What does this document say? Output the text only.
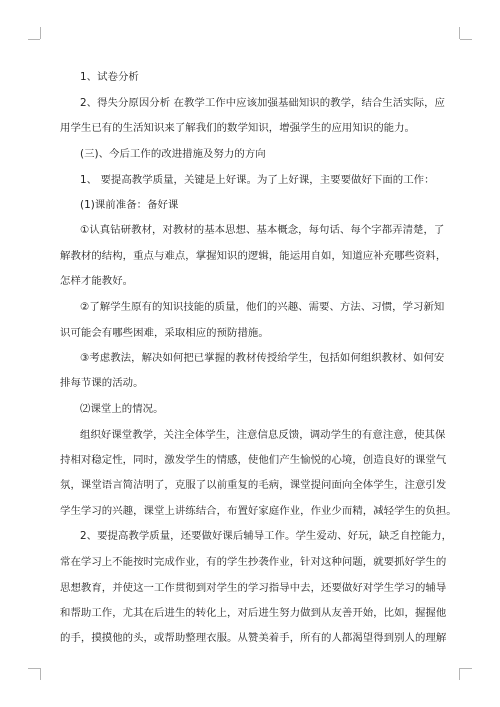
1、试卷分析
2、得失分原因分析 在教学工作中应该加强基础知识的教学，结合生活实际，应
用学生已有的生活知识来了解我们的数学知识，增强学生的应用知识的能力。
(三)、今后工作的改进措施及努力的方向
1、 要提高教学质量，关键是上好课。为了上好课，主要要做好下面的工作：
(1)课前准备：备好课
①认真钻研教材，对教材的基本思想、基本概念，每句话、每个字都弄清楚，了
解教材的结构，重点与难点，掌握知识的逻辑，能运用自如，知道应补充哪些资料，
怎样才能教好。
②了解学生原有的知识技能的质量，他们的兴趣、需要、方法、习惯，学习新知
识可能会有哪些困难，采取相应的预防措施。
③考虑教法，解决如何把已掌握的教材传授给学生，包括如何组织教材、如何安
排每节课的活动。
⑵课堂上的情况。
组织好课堂教学，关注全体学生，注意信息反馈，调动学生的有意注意，使其保
持相对稳定性，同时，激发学生的情感，使他们产生愉悦的心境，创造良好的课堂气
氛，课堂语言简洁明了，克服了以前重复的毛病，课堂提问面向全体学生，注意引发
学生学习的兴趣，课堂上讲练结合，布置好家庭作业，作业少而精，减轻学生的负担。
2、要提高教学质量，还要做好课后辅导工作。学生爱动、好玩，缺乏自控能力，
常在学习上不能按时完成作业，有的学生抄袭作业，针对这种问题，就要抓好学生的
思想教育，并使这一工作贯彻到对学生的学习指导中去，还要做好对学生学习的辅导
和帮助工作，尤其在后进生的转化上，对后进生努力做到从友善开始，比如，握握他
的手，摸摸他的头，或帮助整理衣服。从赞美着手，所有的人都渴望得到别人的理解
